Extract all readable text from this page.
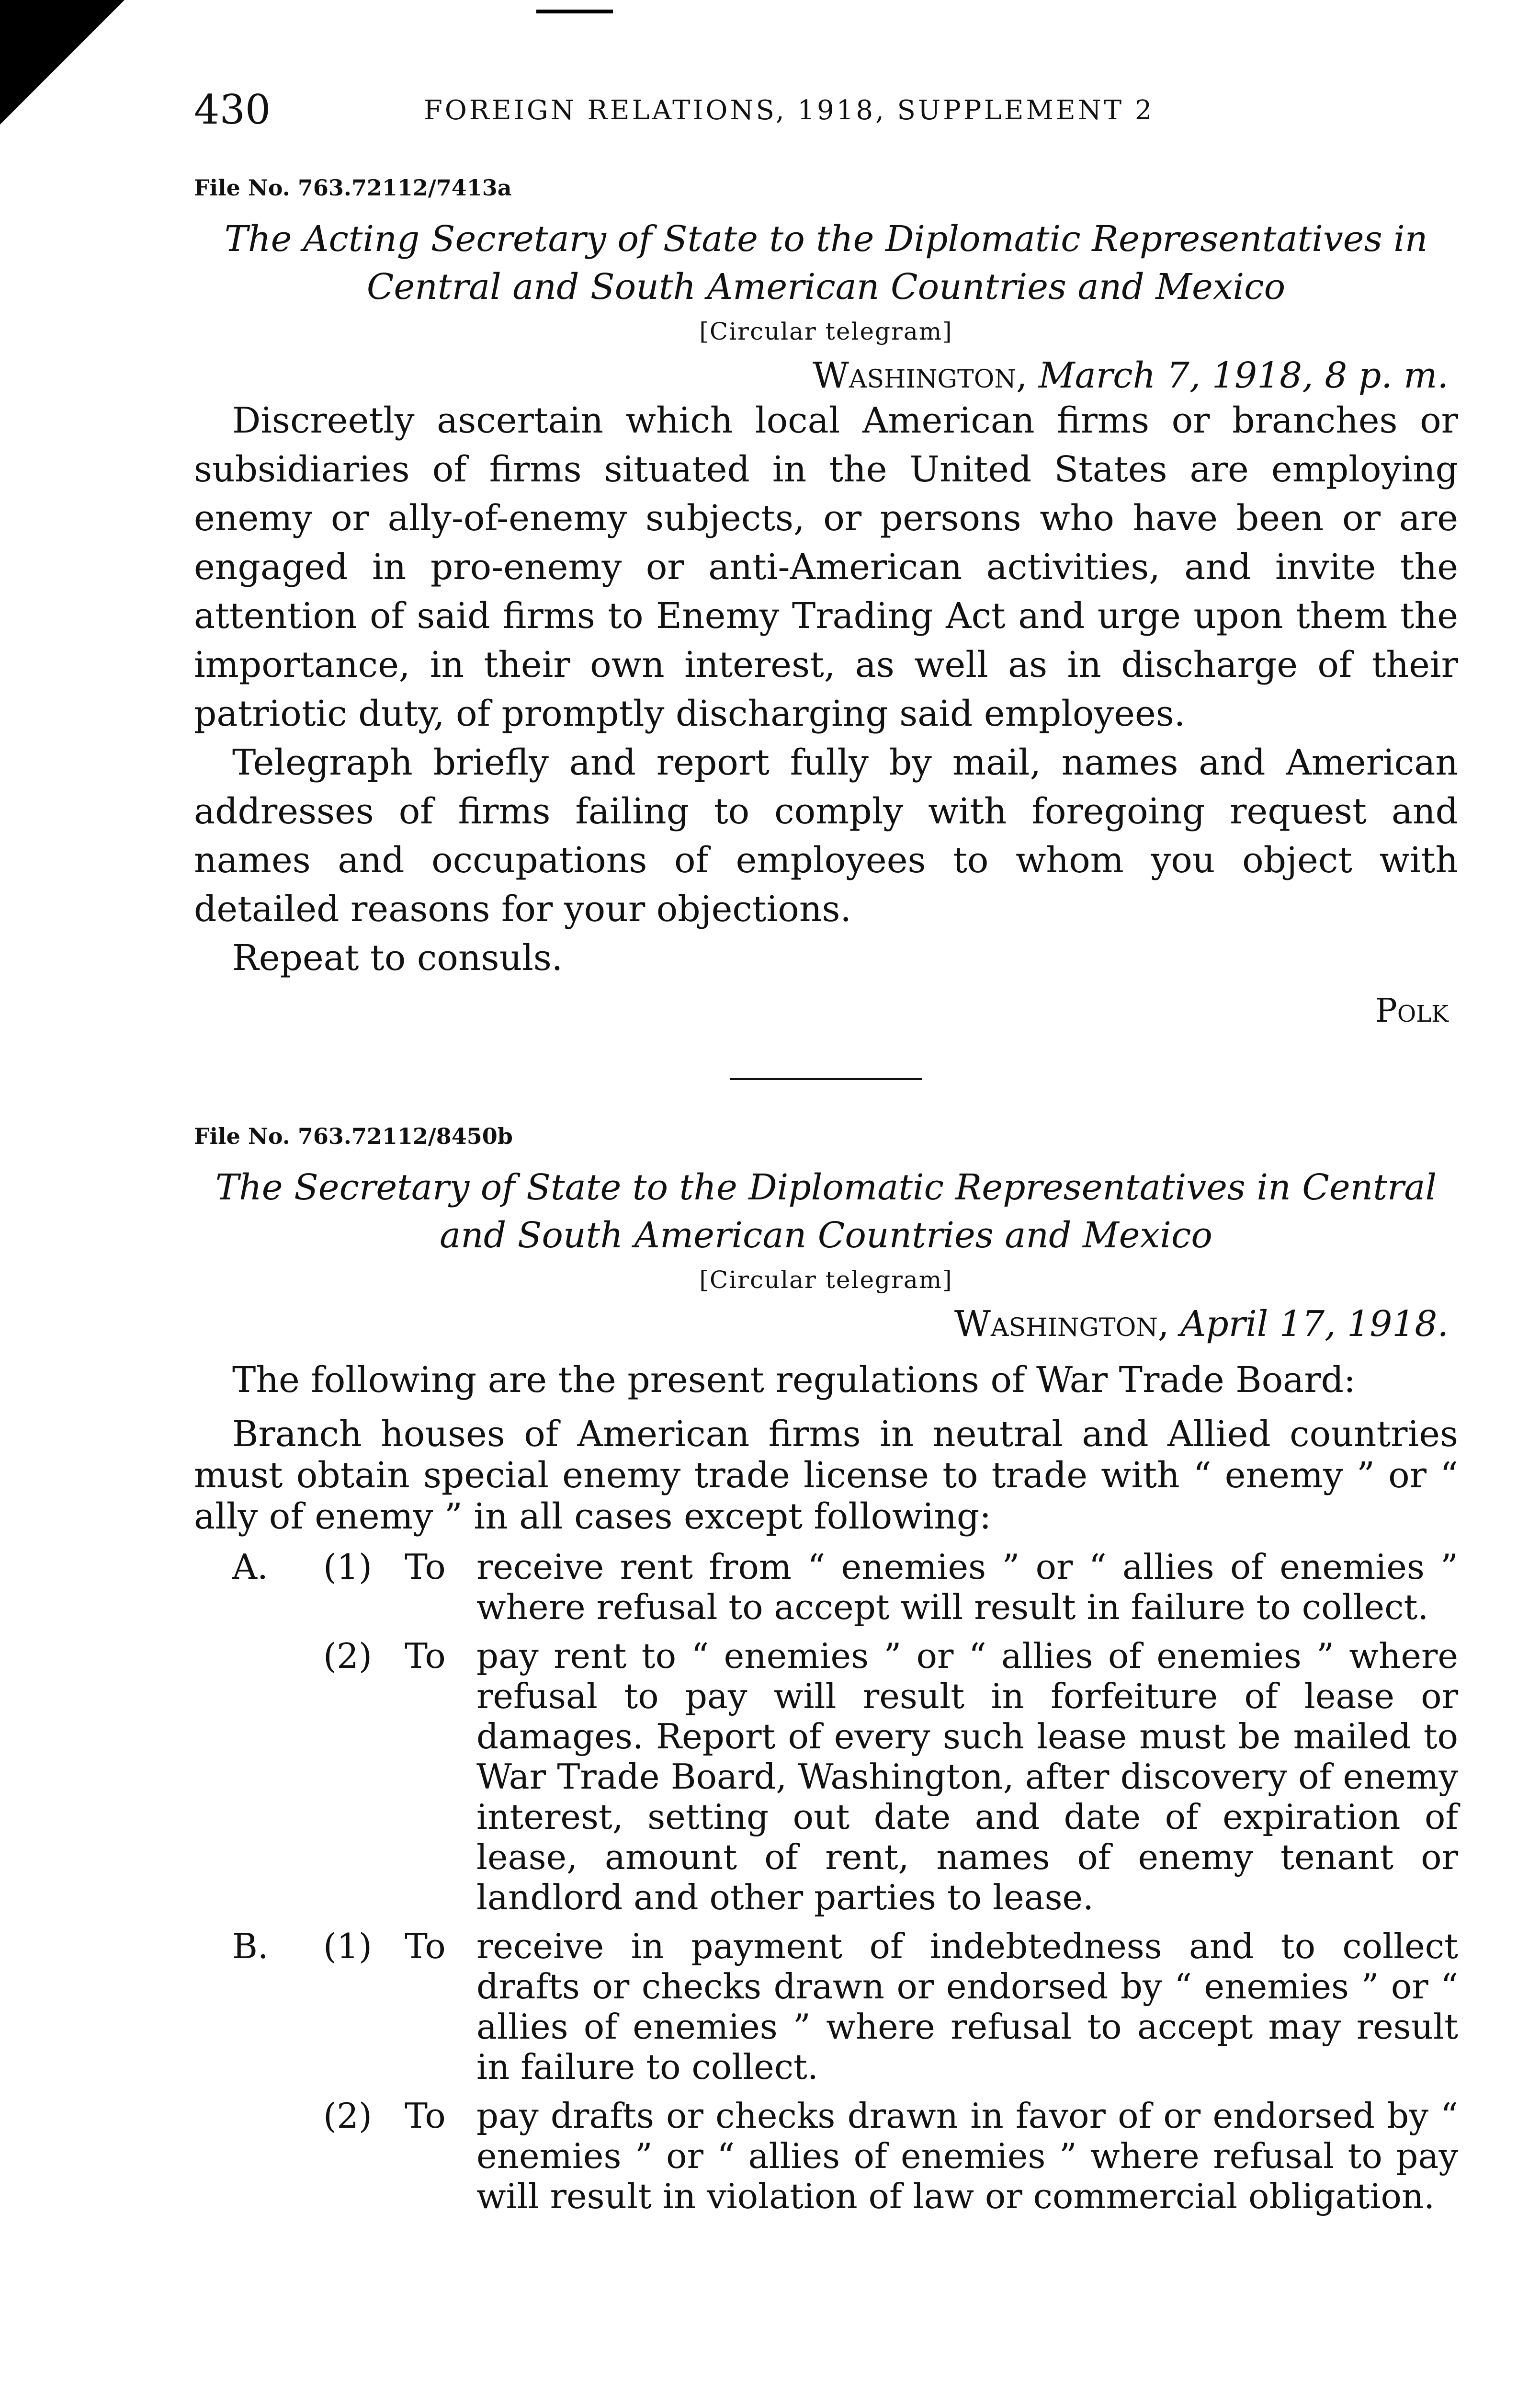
430	FOREIGN RELATIONS, 1918, SUPPLEMENT 2

File No. 763.72112/7413a

The Acting Secretary of State to the Diplomatic Representatives in Central and South American Countries and Mexico

[Circular telegram]

Washington, March 7, 1918, 8 p. m.

Discreetly ascertain which local American firms or branches or subsidiaries of firms situated in the United States are employing enemy or ally-of-enemy subjects, or persons who have been or are engaged in pro-enemy or anti-American activities, and invite the attention of said firms to Enemy Trading Act and urge upon them the importance, in their own interest, as well as in discharge of their patriotic duty, of promptly discharging said employees.

Telegraph briefly and report fully by mail, names and American addresses of firms failing to comply with foregoing request and names and occupations of employees to whom you object with detailed reasons for your objections.

Repeat to consuls.

Polk

File No. 763.72112/8450b

The Secretary of State to the Diplomatic Representatives in Central and South American Countries and Mexico

[Circular telegram]

Washington, April 17, 1918.

The following are the present regulations of War Trade Board:

Branch houses of American firms in neutral and Allied countries must obtain special enemy trade license to trade with “ enemy ” or “ ally of enemy ” in all cases except following:

A. (1) To receive rent from “ enemies ” or “ allies of enemies ” where refusal to accept will result in failure to collect.
(2) To pay rent to “ enemies ” or “ allies of enemies ” where refusal to pay will result in forfeiture of lease or damages. Report of every such lease must be mailed to War Trade Board, Washington, after discovery of enemy interest, setting out date and date of expiration of lease, amount of rent, names of enemy tenant or landlord and other parties to lease.
B. (1) To receive in payment of indebtedness and to collect drafts or checks drawn or endorsed by “ enemies ” or “ allies of enemies ” where refusal to accept may result in failure to collect.
(2) To pay drafts or checks drawn in favor of or endorsed by “ enemies ” or “ allies of enemies ” where refusal to pay will result in violation of law or commercial obligation.
